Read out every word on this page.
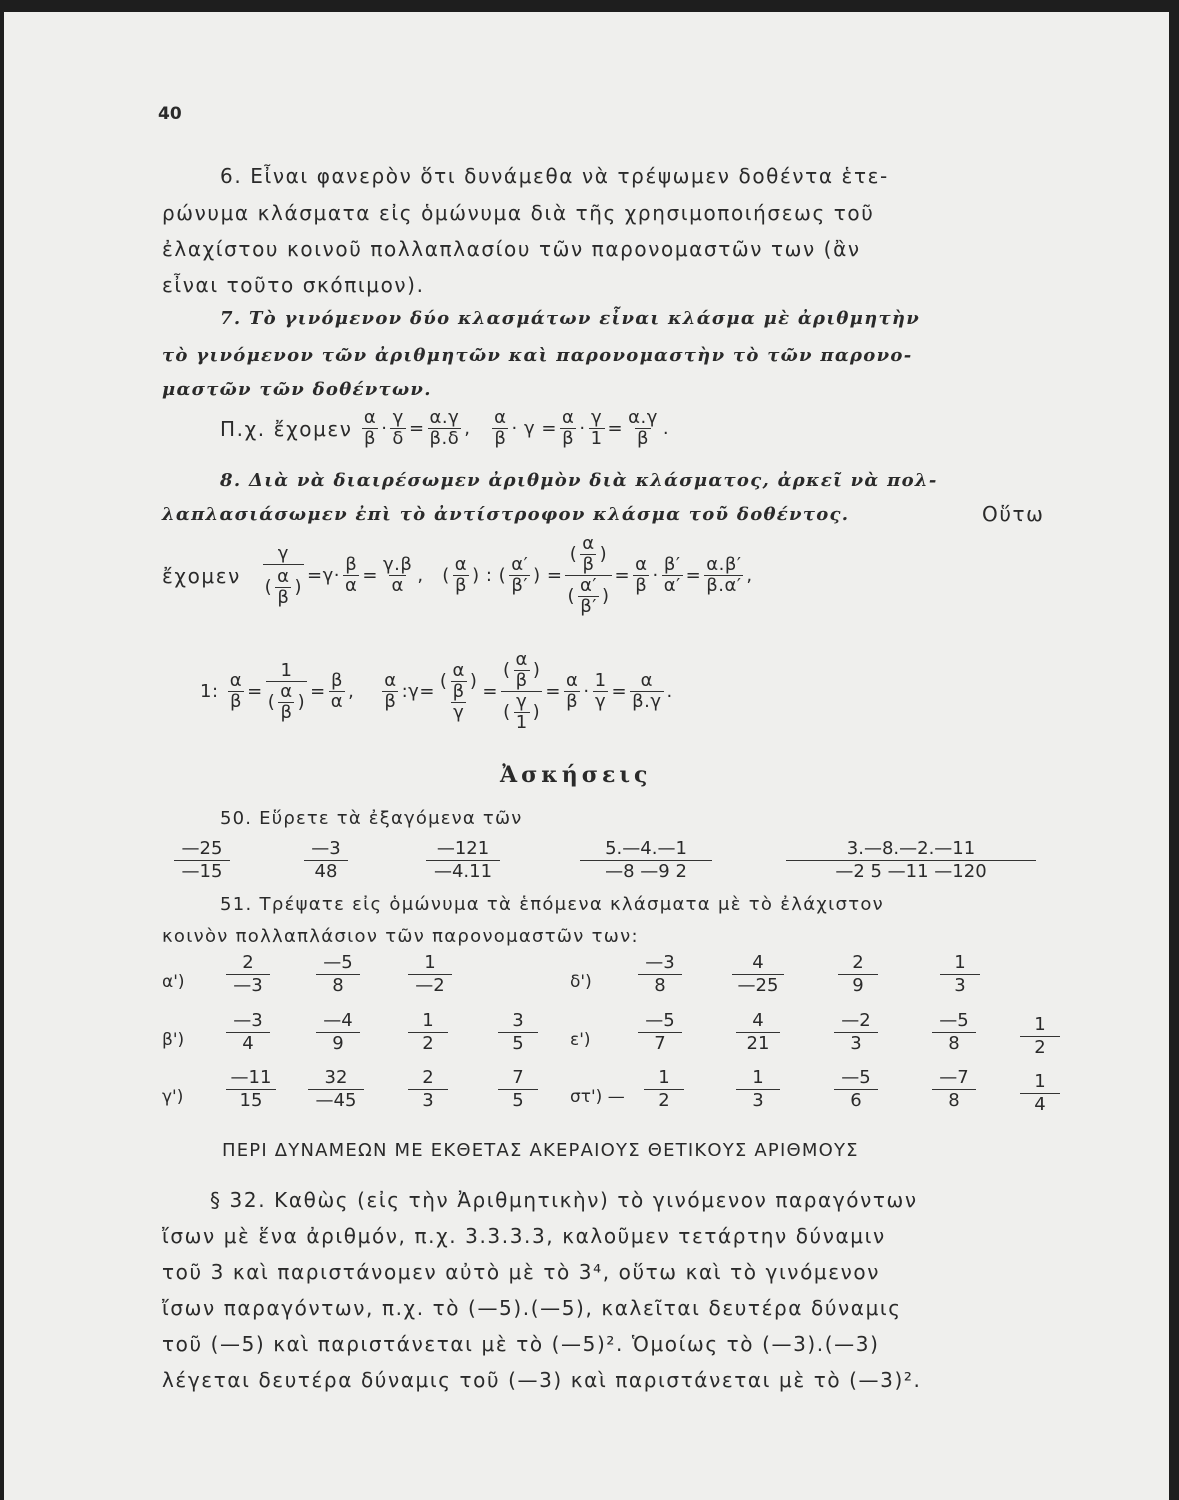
40
6. Εἶναι φανερὸν ὅτι δυνάμεθα νὰ τρέψωμεν δοθέντα ἑτε-
ρώνυμα κλάσματα εἰς ὁμώνυμα διὰ τῆς χρησιμοποιήσεως τοῦ
ἐλαχίστου κοινοῦ πολλαπλασίου τῶν παρονομαστῶν των (ἂν
εἶναι τοῦτο σκόπιμον).
7. Τὸ γινόμενον δύο κλασμάτων εἶναι κλάσμα μὲ ἀριθμητὴν
τὸ γινόμενον τῶν ἀριθμητῶν καὶ παρονομαστὴν τὸ τῶν παρονο-
μαστῶν τῶν δοθέντων.
Π.χ. ἔχομεν
$\frac{\alpha}{\beta} \cdot \frac{\gamma}{\delta} = \frac{\alpha.\gamma}{\beta.\delta}$ , $\frac{\alpha}{\beta} \cdot \gamma = \frac{\alpha}{\beta} \cdot \frac{\gamma}{1} = \frac{\alpha.\gamma}{\beta}$ .
8. Διὰ νὰ διαιρέσωμεν ἀριθμὸν διὰ κλάσματος, ἀρκεῖ νὰ πολ-
λαπλασιάσωμεν ἐπὶ τὸ ἀντίστροφον κλάσμα τοῦ δοθέντος.	Οὕτω
ἔχομεν
$\frac{\gamma}{( \frac{\alpha}{\beta} )} =\gamma\cdot \frac{\beta}{\alpha} = \frac{\gamma.\beta}{\alpha}$ ,   ( $\frac{\alpha}{\beta}$ ) : ( $\frac{\alpha'}{\beta'}$ ) = $\frac{( \frac{\alpha}{\beta} )}{( \frac{\alpha'}{\beta'} )} = \frac{\alpha}{\beta} \cdot \frac{\beta'}{\alpha'} = \frac{\alpha.\beta'}{\beta.\alpha'}$ ,
1: $\frac{\alpha}{\beta} = \frac{1}{( \frac{\alpha}{\beta} )} = \frac{\beta}{\alpha}$ , $\frac{\alpha}{\beta}$ :γ= $\frac{( \frac{\alpha}{\beta} )}{\gamma} = \frac{( \frac{\alpha}{\beta} )}{( \frac{\gamma}{1} )} = \frac{\alpha}{\beta} \cdot \frac{1}{\gamma} = \frac{\alpha}{\beta.\gamma}$ .
Ἀσκήσεις
50. Εὕρετε τὰ ἐξαγόμενα τῶν
—25
—15
—3
48
—121
—4.11
5.—4.—1
—8 —9 2
3.—8.—2.—11
—2 5 —11 —120
51. Τρέψατε εἰς ὁμώνυμα τὰ ἑπόμενα κλάσματα μὲ τὸ ἐλάχιστον
κοινὸν πολλαπλάσιον τῶν παρονομαστῶν των:
α')
2
—3
—5
8
1
—2
β')
—3
4
—4
9
1
2
3
5
γ')
—11
15
32
—45
2
3
7
5
δ')
—3
8
4
—25
2
9
1
3
ε')
—5
7
4
21
—2
3
—5
8
1
2
στ') —
1
2
1
3
—5
6
—7
8
1
4
ΠΕΡΙ ΔΥΝΑΜΕΩΝ ΜΕ ΕΚΘΕΤΑΣ ΑΚΕΡΑΙΟΥΣ ΘΕΤΙΚΟΥΣ ΑΡΙΘΜΟΥΣ
§ 32. Καθὼς (εἰς τὴν Ἀριθμητικὴν) τὸ γινόμενον παραγόντων
ἴσων μὲ ἕνα ἀριθμόν, π.χ. 3.3.3.3, καλοῦμεν τετάρτην δύναμιν
τοῦ 3 καὶ παριστάνομεν αὐτὸ μὲ τὸ 3⁴, οὕτω καὶ τὸ γινόμενον
ἴσων παραγόντων, π.χ. τὸ (—5).(—5), καλεῖται δευτέρα δύναμις
τοῦ (—5) καὶ παριστάνεται μὲ τὸ (—5)². Ὁμοίως τὸ (—3).(—3)
λέγεται δευτέρα δύναμις τοῦ (—3) καὶ παριστάνεται μὲ τὸ (—3)².
